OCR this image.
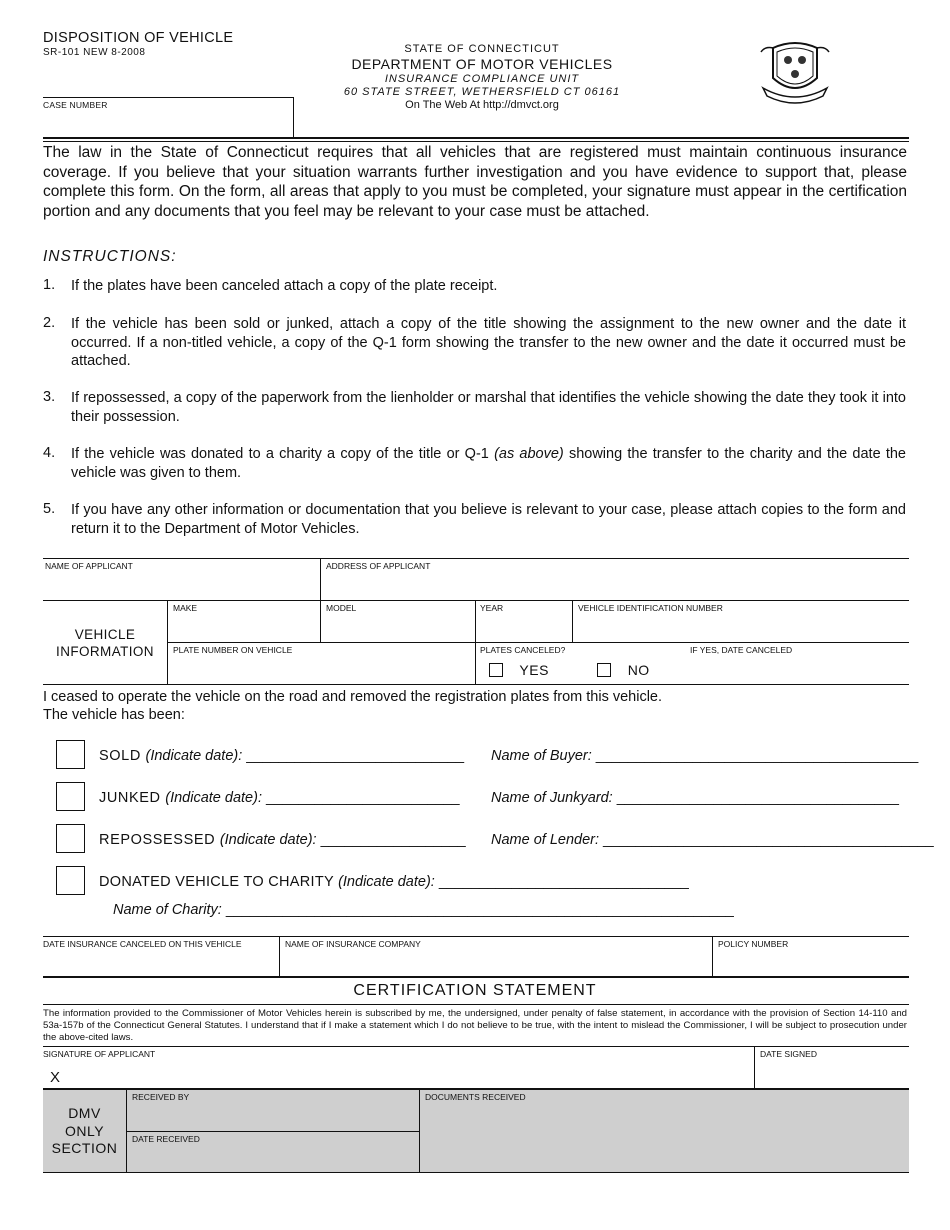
DISPOSITION OF VEHICLE
SR-101 NEW 8-2008	STATE OF CONNECTICUT
DEPARTMENT OF MOTOR VEHICLES
INSURANCE COMPLIANCE UNIT
60 STATE STREET, WETHERSFIELD CT 06161
On The Web At http://dmvct.org
CASE NUMBER
The law in the State of Connecticut requires that all vehicles that are registered must maintain continuous insurance coverage. If you believe that your situation warrants further investigation and you have evidence to support that, please complete this form. On the form, all areas that apply to you must be completed, your signature must appear in the certification portion and any documents that you feel may be relevant to your case must be attached.
INSTRUCTIONS:
1. If the plates have been canceled attach a copy of the plate receipt.
2. If the vehicle has been sold or junked, attach a copy of the title showing the assignment to the new owner and the date it occurred. If a non-titled vehicle, a copy of the Q-1 form showing the transfer to the new owner and the date it occurred must be attached.
3. If repossessed, a copy of the paperwork from the lienholder or marshal that identifies the vehicle showing the date they took it into their possession.
4. If the vehicle was donated to a charity a copy of the title or Q-1 (as above) showing the transfer to the charity and the date the vehicle was given to them.
5. If you have any other information or documentation that you believe is relevant to your case, please attach copies to the form and return it to the Department of Motor Vehicles.
NAME OF APPLICANT	ADDRESS OF APPLICANT
VEHICLE
INFORMATION
MAKE	MODEL	YEAR	VEHICLE IDENTIFICATION NUMBER
PLATE NUMBER ON VEHICLE	PLATES CANCELED?
YES	NO
IF YES, DATE CANCELED
I ceased to operate the vehicle on the road and removed the registration plates from this vehicle.
The vehicle has been:
SOLD (Indicate date): ___________________________ Name of Buyer: ________________________________________
JUNKED (Indicate date): ________________________ Name of Junkyard: ___________________________________
REPOSSESSED (Indicate date): __________________ Name of Lender: _________________________________________
DONATED VEHICLE TO CHARITY (Indicate date): _______________________________
Name of Charity: _______________________________________________________________
DATE INSURANCE CANCELED ON THIS VEHICLE	NAME OF INSURANCE COMPANY	POLICY NUMBER
CERTIFICATION STATEMENT
The information provided to the Commissioner of Motor Vehicles herein is subscribed by me, the undersigned, under penalty of false statement, in accordance with the provision of Section 14-110 and 53a-157b of the Connecticut General Statutes. I understand that if I make a statement which I do not believe to be true, with the intent to mislead the Commissioner, I will be subject to prosecution under the above-cited laws.
SIGNATURE OF APPLICANT
X
DATE SIGNED
DMV
ONLY
SECTION
RECEIVED BY
DATE RECEIVED
DOCUMENTS RECEIVED
